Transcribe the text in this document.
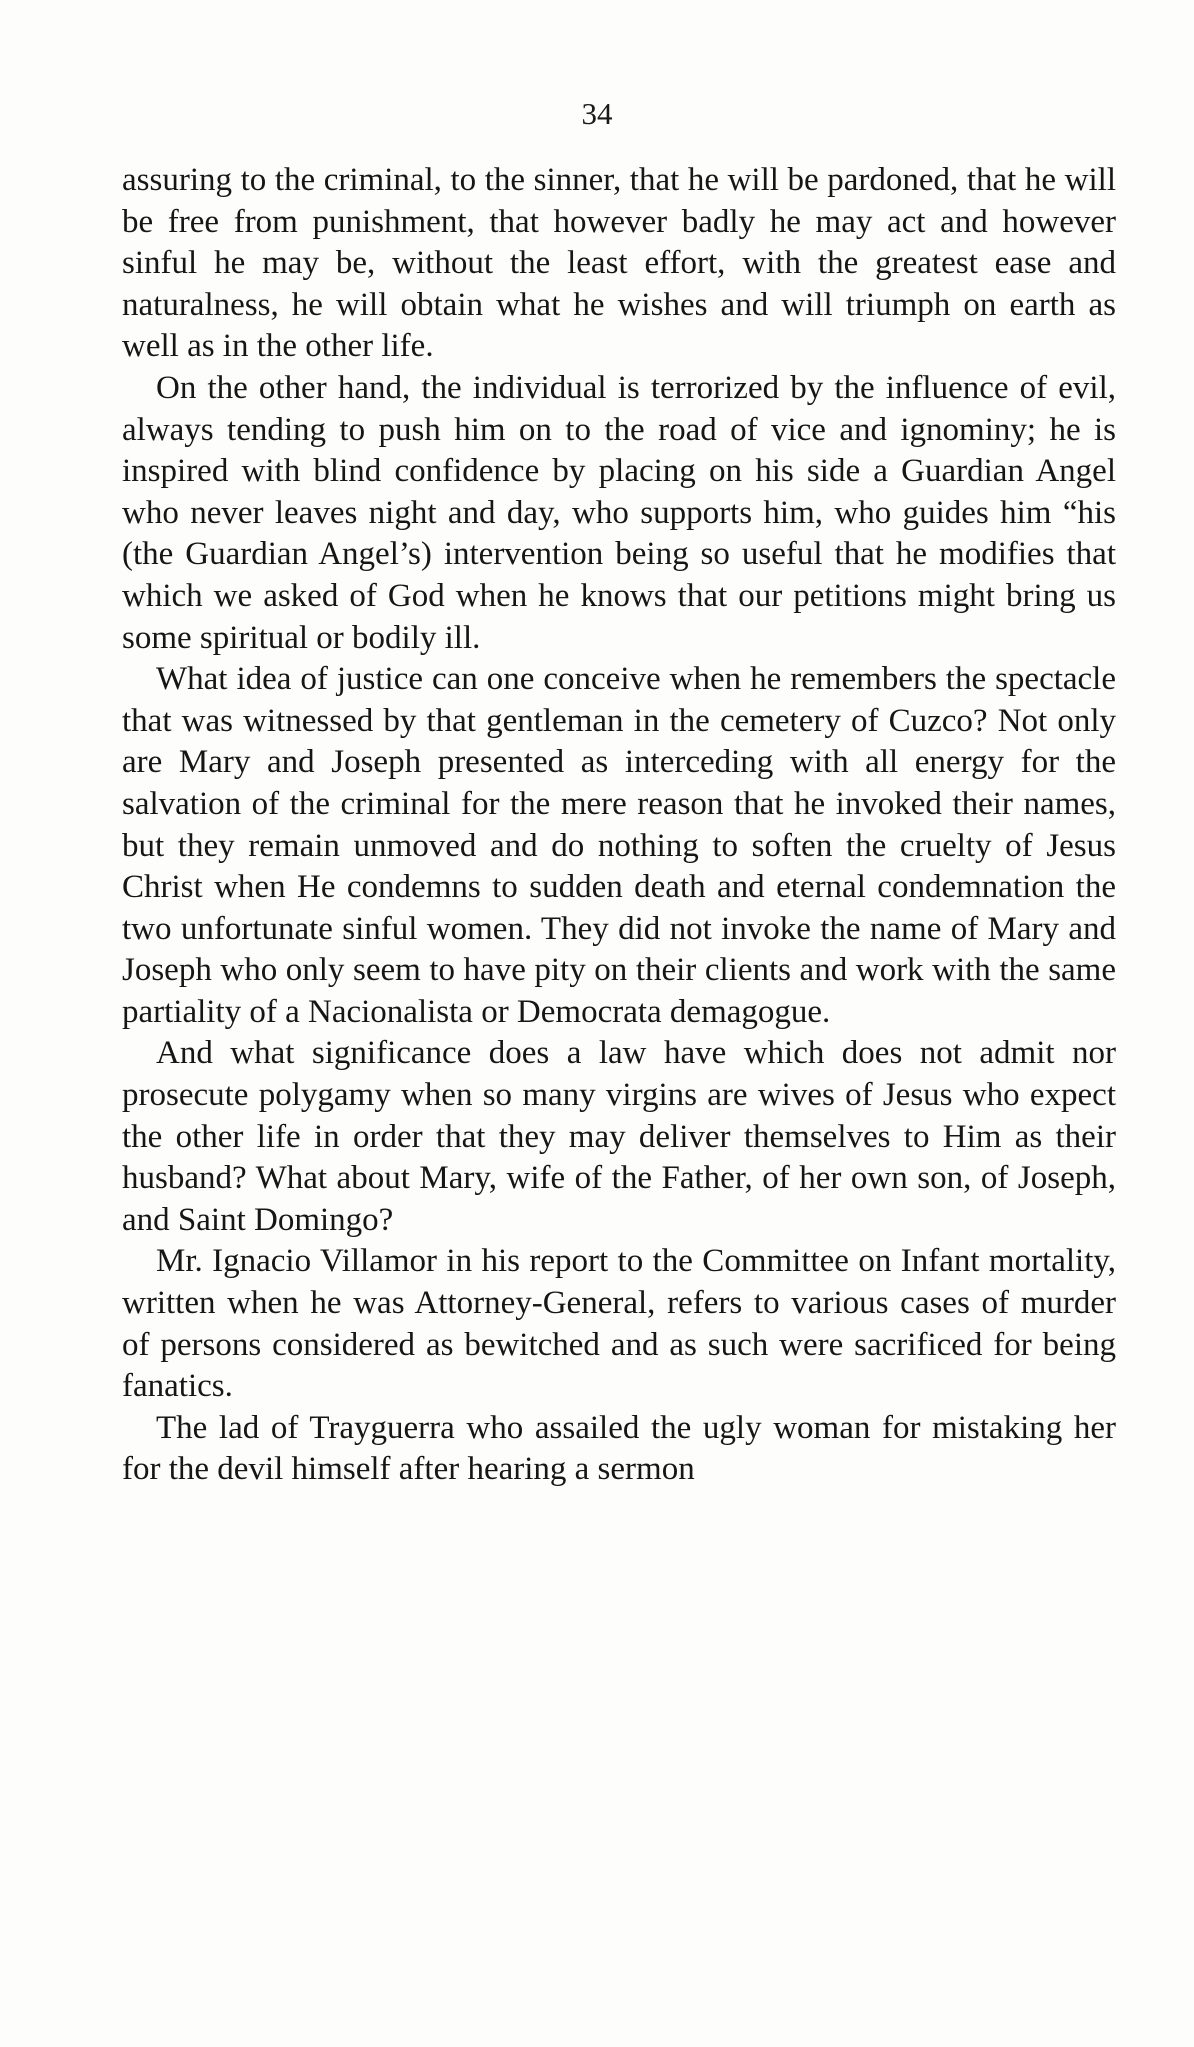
34

assuring to the criminal, to the sinner, that he will be pardoned, that he will be free from punishment, that however badly he may act and however sinful he may be, without the least effort, with the greatest ease and naturalness, he will obtain what he wishes and will triumph on earth as well as in the other life.

On the other hand, the individual is terrorized by the influence of evil, always tending to push him on to the road of vice and ignominy; he is inspired with blind confidence by placing on his side a Guardian Angel who never leaves night and day, who supports him, who guides him “his (the Guardian Angel’s) intervention being so useful that he modifies that which we asked of God when he knows that our petitions might bring us some spiritual or bodily ill.

What idea of justice can one conceive when he remembers the spectacle that was witnessed by that gentleman in the cemetery of Cuzco? Not only are Mary and Joseph presented as interceding with all energy for the salvation of the criminal for the mere reason that he invoked their names, but they remain unmoved and do nothing to soften the cruelty of Jesus Christ when He condemns to sudden death and eternal condemnation the two unfortunate sinful women. They did not invoke the name of Mary and Joseph who only seem to have pity on their clients and work with the same partiality of a Nacionalista or Democrata demagogue.

And what significance does a law have which does not admit nor prosecute polygamy when so many virgins are wives of Jesus who expect the other life in order that they may deliver themselves to Him as their husband? What about Mary, wife of the Father, of her own son, of Joseph, and Saint Domingo?

Mr. Ignacio Villamor in his report to the Committee on Infant mortality, written when he was Attorney-General, refers to various cases of murder of persons considered as bewitched and as such were sacrificed for being fanatics.

The lad of Trayguerra who assailed the ugly woman for mistaking her for the devil himself after hearing a sermon
